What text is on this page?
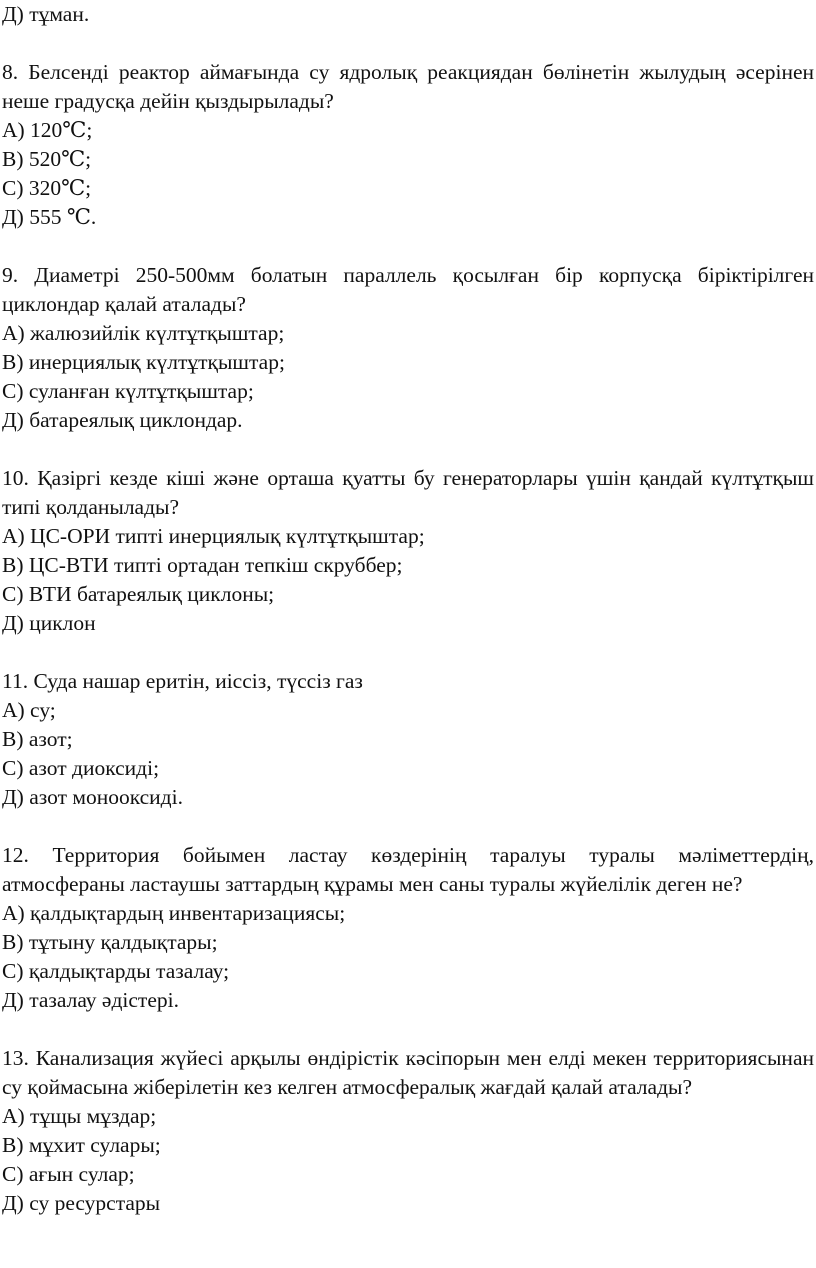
Д) тұман.

8. Белсенді реактор аймағында су ядролық реакциядан бөлінетін жылудың әсерінен неше градусқа дейін қыздырылады?

А) 120℃;

В) 520℃;

С) 320℃;

Д) 555 ℃.

9. Диаметрі 250-500мм болатын параллель қосылған бір корпусқа біріктірілген циклондар қалай аталады?

А) жалюзийлік күлтұтқыштар;

В) инерциялық күлтұтқыштар;

С) суланған күлтұтқыштар;

Д) батареялық циклондар.

10. Қазіргі кезде кіші және орташа қуатты бу генераторлары үшін қандай күлтұтқыш типі қолданылады?

А) ЦС-ОРИ типті инерциялық күлтұтқыштар;

В) ЦС-ВТИ типті ортадан тепкіш скруббер;

С) ВТИ батареялық циклоны;

Д) циклон

11. Суда нашар еритін, иіссіз, түссіз газ

А) су;

В) азот;

С) азот диоксиді;

Д) азот монооксиді.

12. Территория бойымен ластау көздерінің таралуы туралы мәліметтердің, атмосфераны ластаушы заттардың құрамы мен саны туралы жүйелілік деген не?

А) қалдықтардың инвентаризациясы;

В) тұтыну қалдықтары;

С) қалдықтарды тазалау;

Д) тазалау әдістері.

13. Канализация жүйесі арқылы өндірістік кәсіпорын мен елді мекен территориясынан су қоймасына жіберілетін кез келген атмосфералық жағдай қалай аталады?

А) тұщы мұздар;

В) мұхит сулары;

С) ағын сулар;

Д) су ресурстары
